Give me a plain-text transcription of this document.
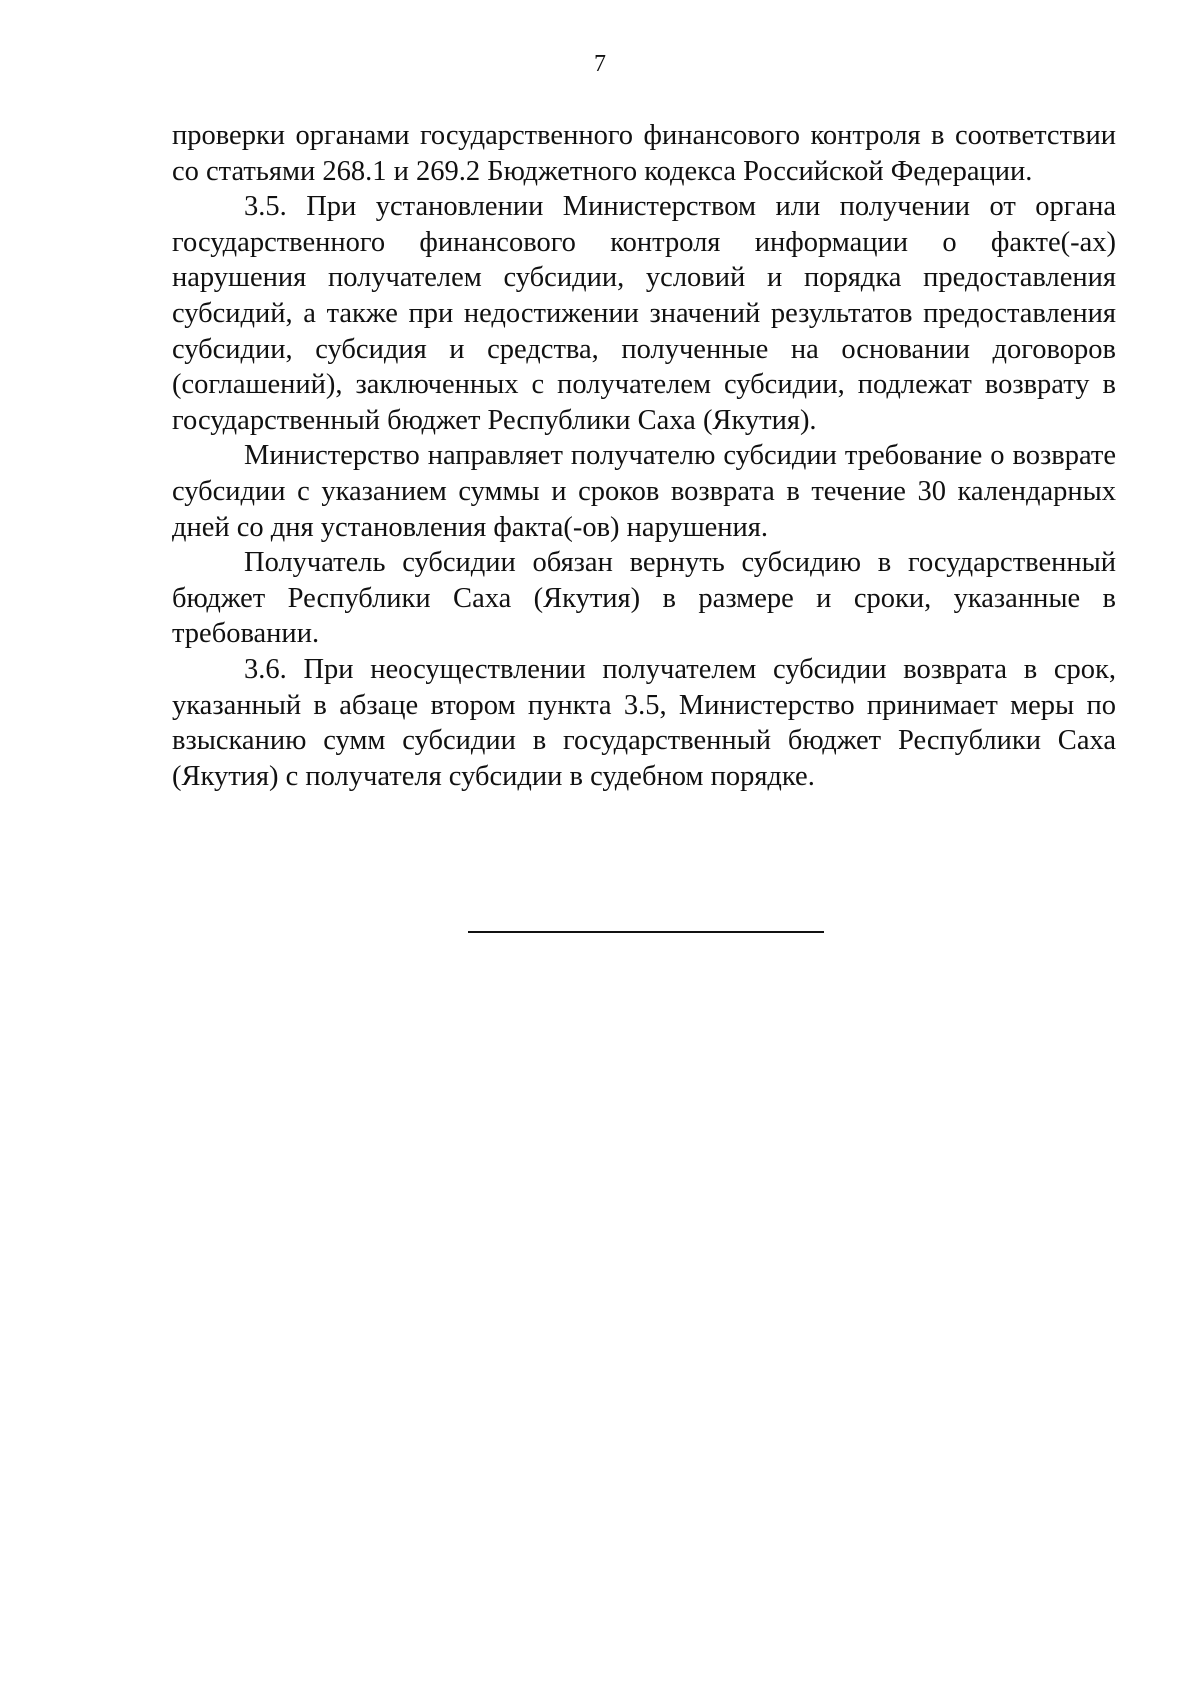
7

проверки органами государственного финансового контроля в соответствии со статьями 268.1 и 269.2 Бюджетного кодекса Российской Федерации.

3.5. При установлении Министерством или получении от органа государственного финансового контроля информации о факте(-ах) нарушения получателем субсидии, условий и порядка предоставления субсидий, а также при недостижении значений результатов предоставления субсидии, субсидия и средства, полученные на основании договоров (соглашений), заключенных с получателем субсидии, подлежат возврату в государственный бюджет Республики Саха (Якутия).

Министерство направляет получателю субсидии требование о возврате субсидии с указанием суммы и сроков возврата в течение 30 календарных дней со дня установления факта(-ов) нарушения.

Получатель субсидии обязан вернуть субсидию в государственный бюджет Республики Саха (Якутия) в размере и сроки, указанные в требовании.

3.6. При неосуществлении получателем субсидии возврата в срок, указанный в абзаце втором пункта 3.5, Министерство принимает меры по взысканию сумм субсидии в государственный бюджет Республики Саха (Якутия) с получателя субсидии в судебном порядке.
